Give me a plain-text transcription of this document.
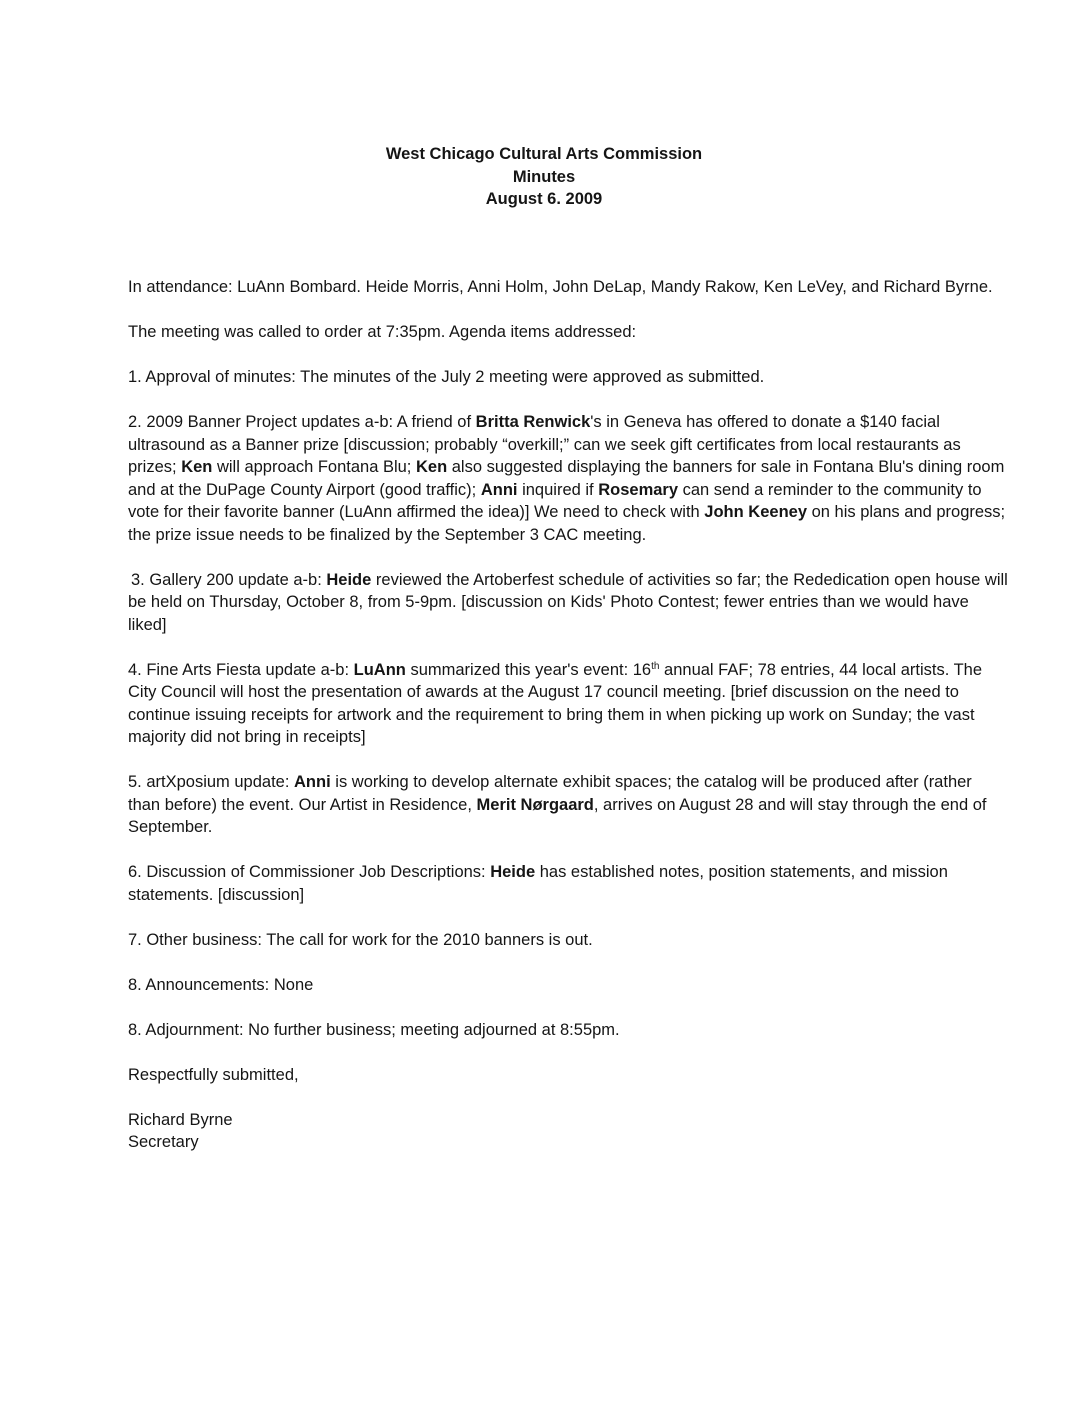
West Chicago Cultural Arts Commission
Minutes
August 6. 2009

In attendance: LuAnn Bombard. Heide Morris, Anni Holm, John DeLap, Mandy Rakow, Ken LeVey, and Richard Byrne.

The meeting was called to order at 7:35pm. Agenda items addressed:

1. Approval of minutes: The minutes of the July 2 meeting were approved as submitted.

2. 2009 Banner Project updates a-b: A friend of Britta Renwick's in Geneva has offered to donate a $140 facial ultrasound as a Banner prize [discussion; probably “overkill;” can we seek gift certificates from local restaurants as prizes; Ken will approach Fontana Blu; Ken also suggested displaying the banners for sale in Fontana Blu's dining room and at the DuPage County Airport (good traffic); Anni inquired if Rosemary can send a reminder to the community to vote for their favorite banner (LuAnn affirmed the idea)] We need to check with John Keeney on his plans and progress; the prize issue needs to be finalized by the September 3 CAC meeting.

3. Gallery 200 update a-b: Heide reviewed the Artoberfest schedule of activities so far; the Rededication open house will be held on Thursday, October 8, from 5-9pm. [discussion on Kids' Photo Contest; fewer entries than we would have liked]

4. Fine Arts Fiesta update a-b: LuAnn summarized this year's event: 16th annual FAF; 78 entries, 44 local artists. The City Council will host the presentation of awards at the August 17 council meeting. [brief discussion on the need to continue issuing receipts for artwork and the requirement to bring them in when picking up work on Sunday; the vast majority did not bring in receipts]

5. artXposium update: Anni is working to develop alternate exhibit spaces; the catalog will be produced after (rather than before) the event. Our Artist in Residence, Merit Nørgaard, arrives on August 28 and will stay through the end of September.

6. Discussion of Commissioner Job Descriptions: Heide has established notes, position statements, and mission statements. [discussion]

7. Other business: The call for work for the 2010 banners is out.

8. Announcements: None

8. Adjournment: No further business; meeting adjourned at 8:55pm.

Respectfully submitted,

Richard Byrne

Secretary
